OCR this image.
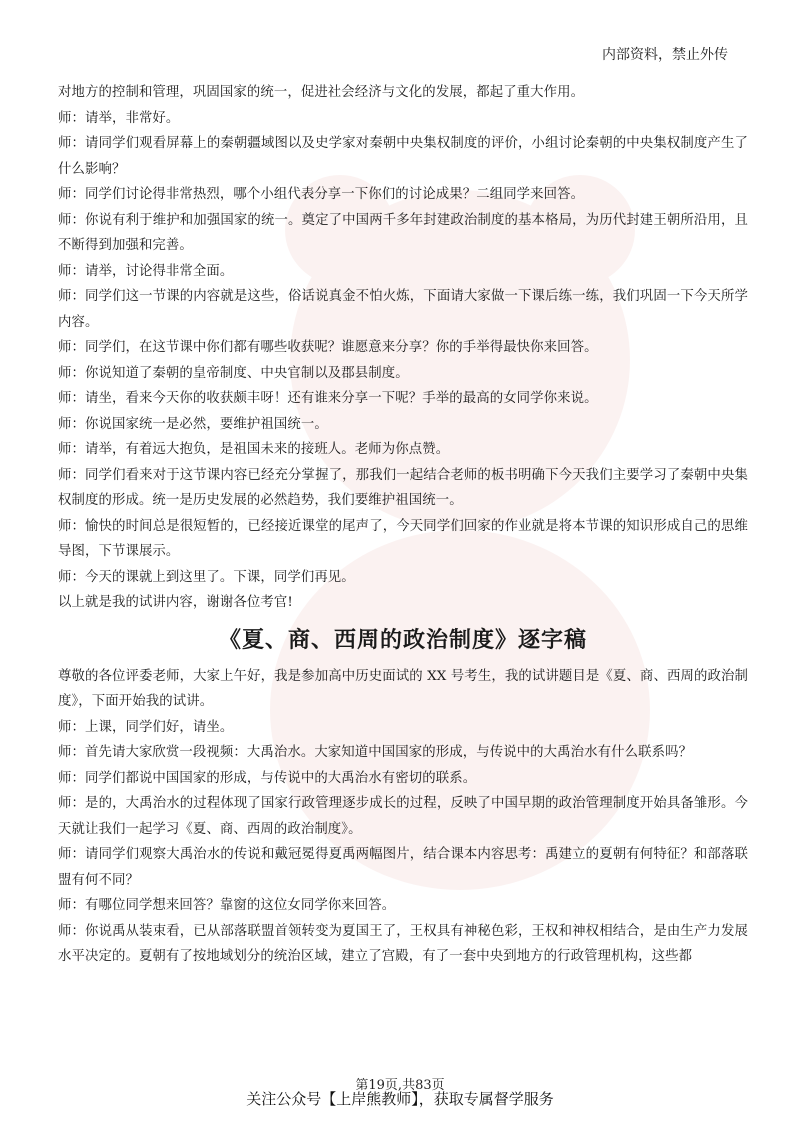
内部资料，禁止外传

对地方的控制和管理，巩固国家的统一，促进社会经济与文化的发展，都起了重大作用。

师：请举，非常好。

师：请同学们观看屏幕上的秦朝疆域图以及史学家对秦朝中央集权制度的评价，小组讨论秦朝的中央集权制度产生了什么影响？

师：同学们讨论得非常热烈，哪个小组代表分享一下你们的讨论成果？二组同学来回答。

师：你说有利于维护和加强国家的统一。奠定了中国两千多年封建政治制度的基本格局，为历代封建王朝所沿用，且不断得到加强和完善。

师：请举，讨论得非常全面。

师：同学们这一节课的内容就是这些，俗话说真金不怕火炼，下面请大家做一下课后练一练，我们巩固一下今天所学内容。

师：同学们，在这节课中你们都有哪些收获呢？谁愿意来分享？你的手举得最快你来回答。

师：你说知道了秦朝的皇帝制度、中央官制以及郡县制度。

师：请坐，看来今天你的收获颇丰呀！还有谁来分享一下呢？手举的最高的女同学你来说。

师：你说国家统一是必然，要维护祖国统一。

师：请举，有着远大抱负，是祖国未来的接班人。老师为你点赞。

师：同学们看来对于这节课内容已经充分掌握了，那我们一起结合老师的板书明确下今天我们主要学习了秦朝中央集权制度的形成。统一是历史发展的必然趋势，我们要维护祖国统一。

师：愉快的时间总是很短暂的，已经接近课堂的尾声了，今天同学们回家的作业就是将本节课的知识形成自己的思维导图，下节课展示。

师：今天的课就上到这里了。下课，同学们再见。

以上就是我的试讲内容，谢谢各位考官!

《夏、商、西周的政治制度》逐字稿

尊敬的各位评委老师，大家上午好，我是参加高中历史面试的 XX 号考生，我的试讲题目是《夏、商、西周的政治制度》，下面开始我的试讲。

师：上课，同学们好，请坐。

师：首先请大家欣赏一段视频：大禹治水。大家知道中国国家的形成，与传说中的大禹治水有什么联系吗？

师：同学们都说中国国家的形成，与传说中的大禹治水有密切的联系。

师：是的，大禹治水的过程体现了国家行政管理逐步成长的过程，反映了中国早期的政治管理制度开始具备雏形。今天就让我们一起学习《夏、商、西周的政治制度》。

师：请同学们观察大禹治水的传说和戴冠冕得夏禹两幅图片，结合课本内容思考：禹建立的夏朝有何特征？和部落联盟有何不同？

师：有哪位同学想来回答？靠窗的这位女同学你来回答。

师：你说禹从装束看，已从部落联盟首领转变为夏国王了，王权具有神秘色彩，王权和神权相结合，是由生产力发展水平决定的。夏朝有了按地域划分的统治区域，建立了宫殿，有了一套中央到地方的行政管理机构，这些都

第19页,共83页
关注公众号【上岸熊教师】，获取专属督学服务
